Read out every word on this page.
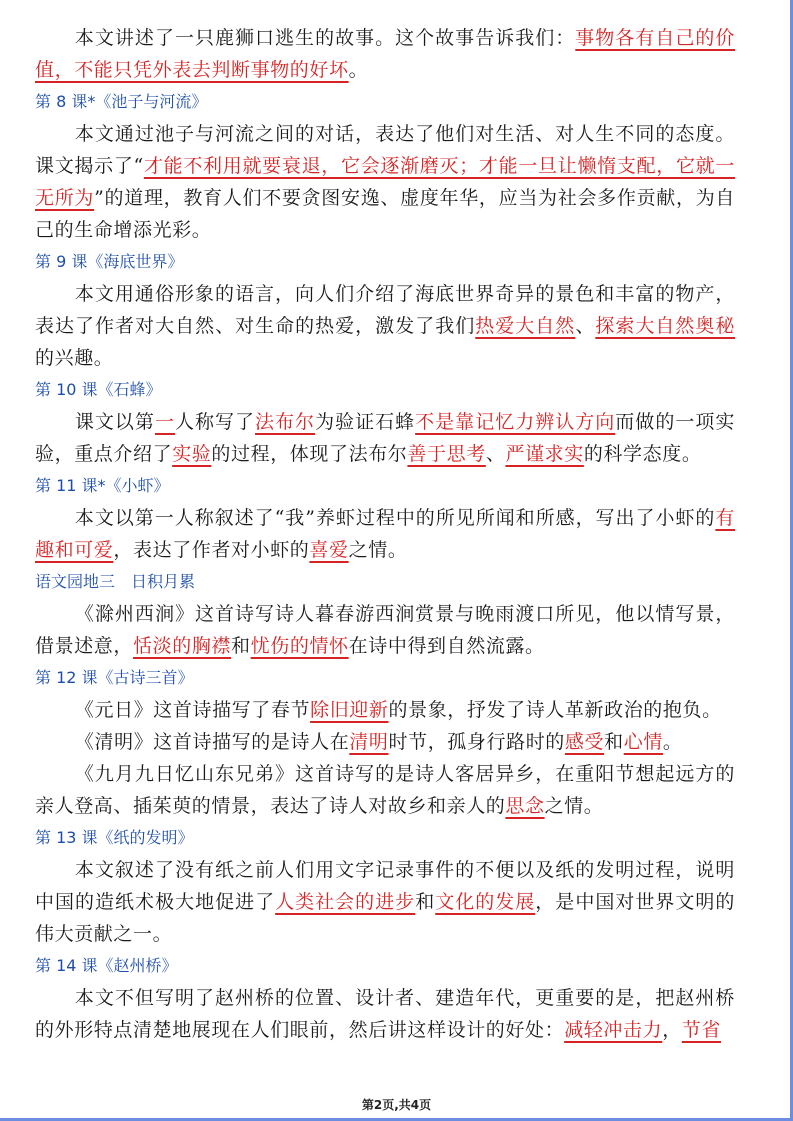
本文讲述了一只鹿狮口逃生的故事。这个故事告诉我们：事物各有自己的价值，不能只凭外表去判断事物的好坏。

第 8 课*《池子与河流》

本文通过池子与河流之间的对话，表达了他们对生活、对人生不同的态度。课文揭示了“才能不利用就要衰退，它会逐渐磨灭；才能一旦让懒惰支配，它就一无所为”的道理，教育人们不要贪图安逸、虚度年华，应当为社会多作贡献，为自己的生命增添光彩。

第 9 课《海底世界》

本文用通俗形象的语言，向人们介绍了海底世界奇异的景色和丰富的物产，表达了作者对大自然、对生命的热爱，激发了我们热爱大自然、探索大自然奥秘的兴趣。

第 10 课《石蜂》

课文以第一人称写了法布尔为验证石蜂不是靠记忆力辨认方向而做的一项实验，重点介绍了实验的过程，体现了法布尔善于思考、严谨求实的科学态度。

第 11 课*《小虾》

本文以第一人称叙述了“我”养虾过程中的所见所闻和所感，写出了小虾的有趣和可爱，表达了作者对小虾的喜爱之情。

语文园地三　日积月累

《滁州西涧》这首诗写诗人暮春游西涧赏景与晚雨渡口所见，他以情写景，借景述意，恬淡的胸襟和忧伤的情怀在诗中得到自然流露。

第 12 课《古诗三首》

《元日》这首诗描写了春节除旧迎新的景象，抒发了诗人革新政治的抱负。

《清明》这首诗描写的是诗人在清明时节，孤身行路时的感受和心情。

《九月九日忆山东兄弟》这首诗写的是诗人客居异乡，在重阳节想起远方的亲人登高、插茱萸的情景，表达了诗人对故乡和亲人的思念之情。

第 13 课《纸的发明》

本文叙述了没有纸之前人们用文字记录事件的不便以及纸的发明过程，说明中国的造纸术极大地促进了人类社会的进步和文化的发展，是中国对世界文明的伟大贡献之一。

第 14 课《赵州桥》

本文不但写明了赵州桥的位置、设计者、建造年代，更重要的是，把赵州桥的外形特点清楚地展现在人们眼前，然后讲这样设计的好处：减轻冲击力，节省

第2页,共4页
